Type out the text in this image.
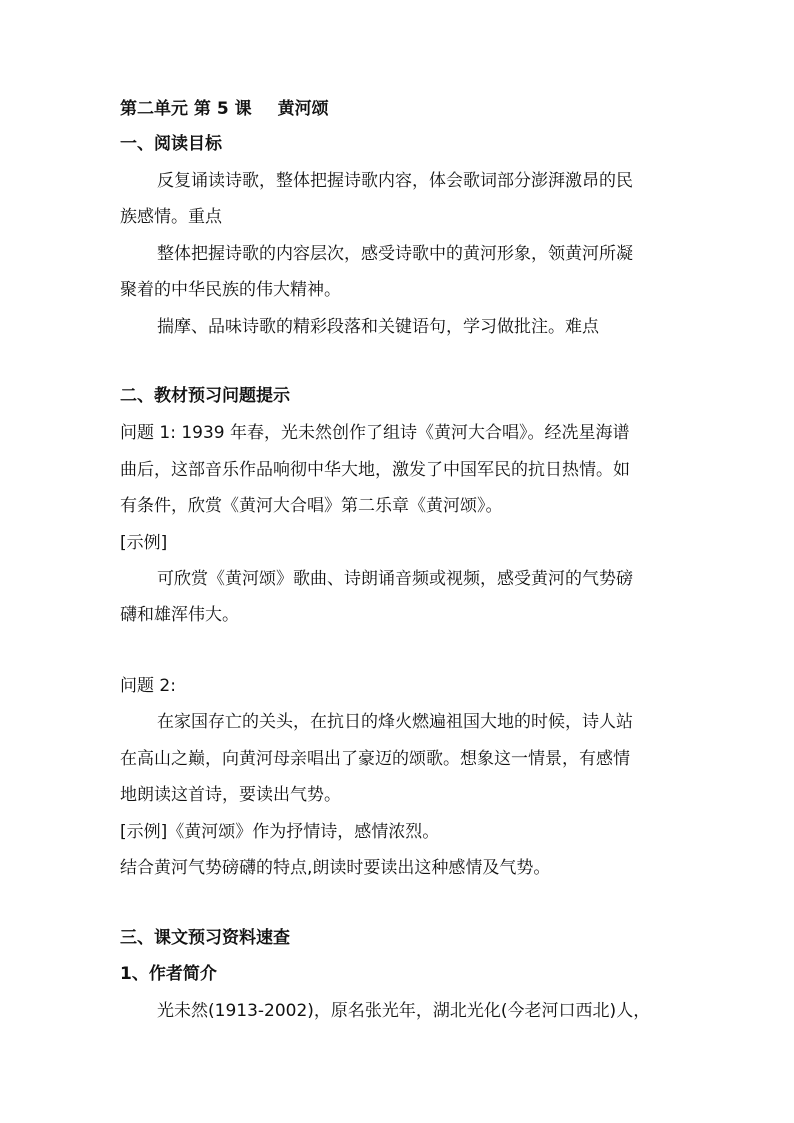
第二单元 第 5 课 黄河颂
一、阅读目标
反复诵读诗歌，整体把握诗歌内容，体会歌词部分澎湃激昂的民
族感情。重点
整体把握诗歌的内容层次，感受诗歌中的黄河形象，领黄河所凝
聚着的中华民族的伟大精神。
揣摩、品味诗歌的精彩段落和关键语句，学习做批注。难点
二、教材预习问题提示
问题 1: 1939 年春，光未然创作了组诗《黄河大合唱》。经冼星海谱
曲后，这部音乐作品响彻中华大地，激发了中国军民的抗日热情。如
有条件，欣赏《黄河大合唱》第二乐章《黄河颂》。
[示例]
可欣赏《黄河颂》歌曲、诗朗诵音频或视频，感受黄河的气势磅
礴和雄浑伟大。
问题 2:
在家国存亡的关头，在抗日的烽火燃遍祖国大地的时候，诗人站
在高山之巅，向黄河母亲唱出了豪迈的颂歌。想象这一情景，有感情
地朗读这首诗，要读出气势。
[示例]《黄河颂》作为抒情诗，感情浓烈。
结合黄河气势磅礴的特点,朗读时要读出这种感情及气势。
三、课文预习资料速查
1、作者简介
光未然(1913-2002)，原名张光年，湖北光化(今老河口西北)人，
